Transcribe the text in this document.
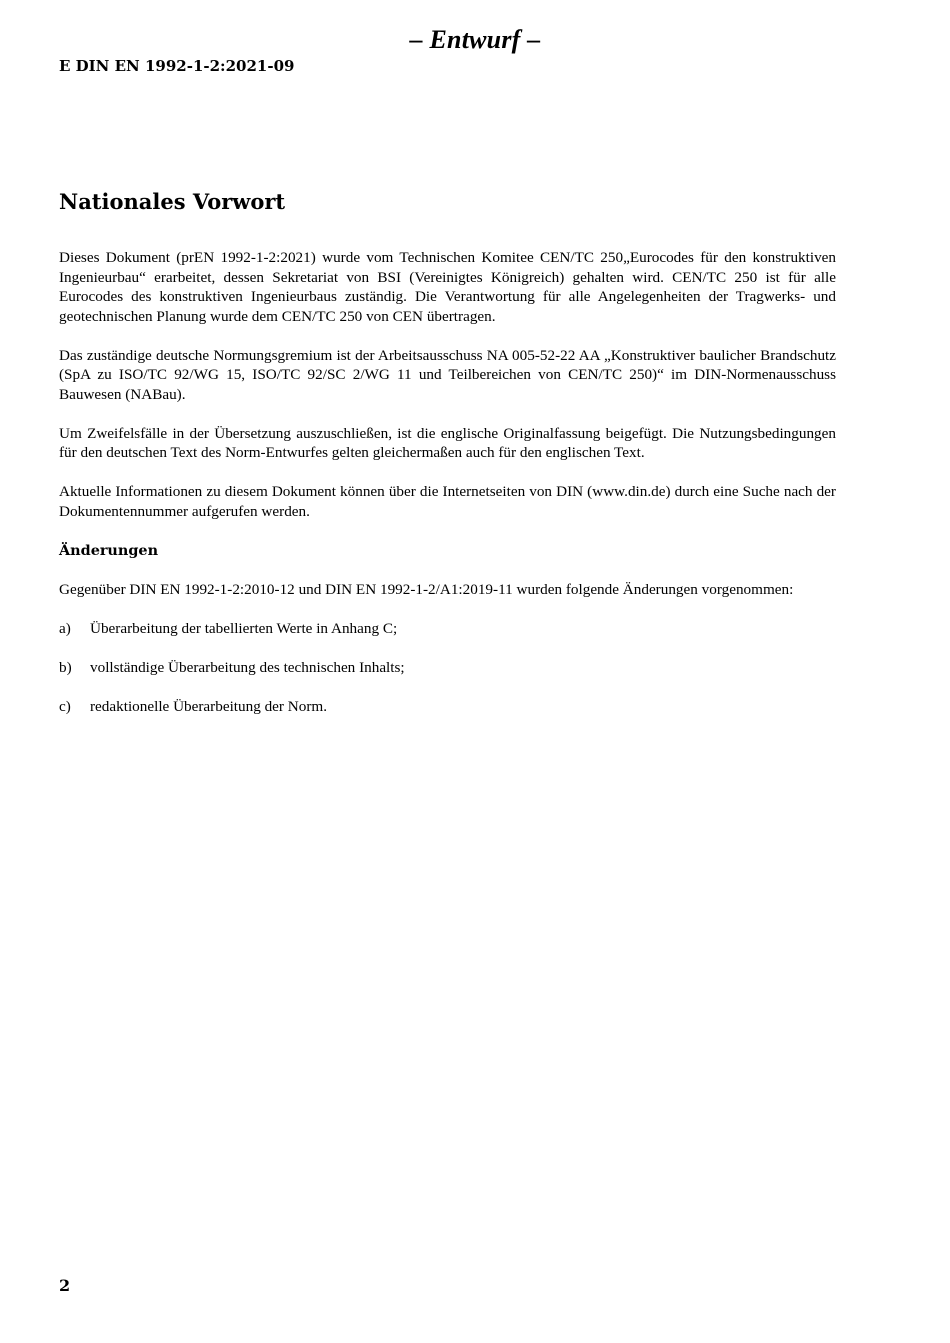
– Entwurf –
E DIN EN 1992-1-2:2021-09
Nationales Vorwort

Dieses Dokument (prEN 1992-1-2:2021) wurde vom Technischen Komitee CEN/TC 250„Eurocodes für den konstruktiven Ingenieurbau“ erarbeitet, dessen Sekretariat von BSI (Vereinigtes Königreich) gehalten wird. CEN/TC 250 ist für alle Eurocodes des konstruktiven Ingenieurbaus zuständig. Die Verantwortung für alle Angelegenheiten der Tragwerks- und geotechnischen Planung wurde dem CEN/TC 250 von CEN übertragen.

Das zuständige deutsche Normungsgremium ist der Arbeitsausschuss NA 005-52-22 AA „Konstruktiver baulicher Brandschutz (SpA zu ISO/TC 92/WG 15, ISO/TC 92/SC 2/WG 11 und Teilbereichen von CEN/TC 250)“ im DIN-Normenausschuss Bauwesen (NABau).

Um Zweifelsfälle in der Übersetzung auszuschließen, ist die englische Originalfassung beigefügt. Die Nutzungsbedingungen für den deutschen Text des Norm-Entwurfes gelten gleichermaßen auch für den englischen Text.

Aktuelle Informationen zu diesem Dokument können über die Internetseiten von DIN (www.din.de) durch eine Suche nach der Dokumentennummer aufgerufen werden.

Änderungen

Gegenüber DIN EN 1992-1-2:2010-12 und DIN EN 1992-1-2/A1:2019-11 wurden folgende Änderungen vorgenommen:

a)	Überarbeitung der tabellierten Werte in Anhang C;
b)	vollständige Überarbeitung des technischen Inhalts;
c)	redaktionelle Überarbeitung der Norm.
2
